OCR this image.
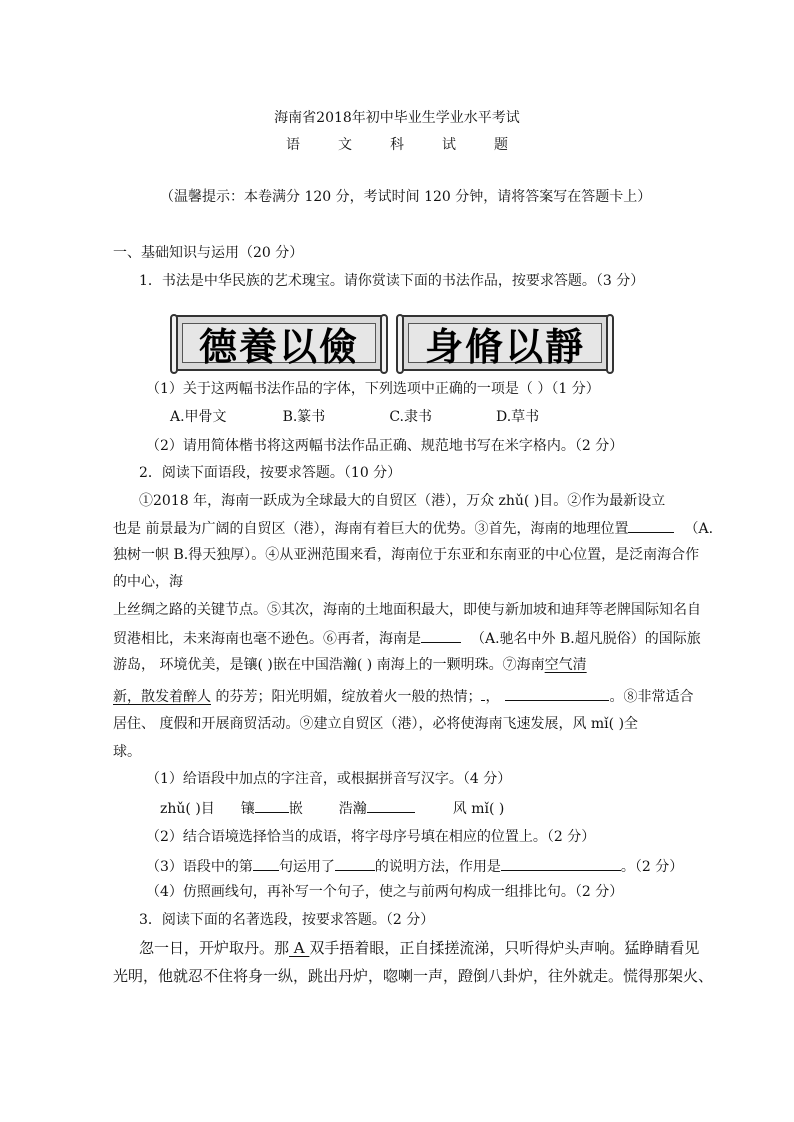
海南省2018年初中毕业生学业水平考试
语	文	科	试	题
（温馨提示：本卷满分 120 分，考试时间 120 分钟，请将答案写在答题卡上）
一、基础知识与运用（20 分）
1．书法是中华民族的艺术瑰宝。请你赏读下面的书法作品，按要求答题。（3 分）
德養以儉 身脩以靜
（1）关于这两幅书法作品的字体，下列选项中正确的一项是（ ）（1 分）
A.甲骨文	B.篆书	C.隶书	D.草书
（2）请用简体楷书将这两幅书法作品正确、规范地书写在米字格内。（2 分）
2．阅读下面语段，按要求答题。（10 分）
①2018 年，海南一跃成为全球最大的自贸区（港），万众 zhǔ( )目。②作为最新设立
也是 前景最为广阔的自贸区（港），海南有着巨大的优势。③首先，海南的地理位置	（A.
独树一帜 B.得天独厚）。④从亚洲范围来看，海南位于东亚和东南亚的中心位置，是泛南海合作
的中心，海
上丝绸之路的关键节点。⑤其次，海南的土地面积最大，即使与新加坡和迪拜等老牌国际知名自
贸港相比，未来海南也毫不逊色。⑥再者，海南是	（A.驰名中外 B.超凡脱俗）的国际旅
游岛， 环境优美，是镶( )嵌在中国浩瀚( ) 南海上的一颗明珠。⑦海南空气清
新，散发着醉人 的芬芳；阳光明媚，绽放着火一般的热情； ，	。⑧非常适合
居住、 度假和开展商贸活动。⑨建立自贸区（港），必将使海南飞速发展，风 mǐ( )全
球。
（1）给语段中加点的字注音，或根据拼音写汉字。（4 分）
zhǔ( )目 镶 嵌	浩瀚	风 mǐ( )
（2）结合语境选择恰当的成语，将字母序号填在相应的位置上。（2 分）
（3）语段中的第 句运用了	的说明方法，作用是	。（2 分）
（4）仿照画线句，再补写一个句子，使之与前两句构成一组排比句。（2 分）
3．阅读下面的名著选段，按要求答题。（2 分）
忽一日，开炉取丹。那 A 双手捂着眼，正自揉搓流涕，只听得炉头声响。猛睁睛看见
光明，他就忍不住将身一纵，跳出丹炉，唿喇一声，蹬倒八卦炉，往外就走。慌得那架火、
